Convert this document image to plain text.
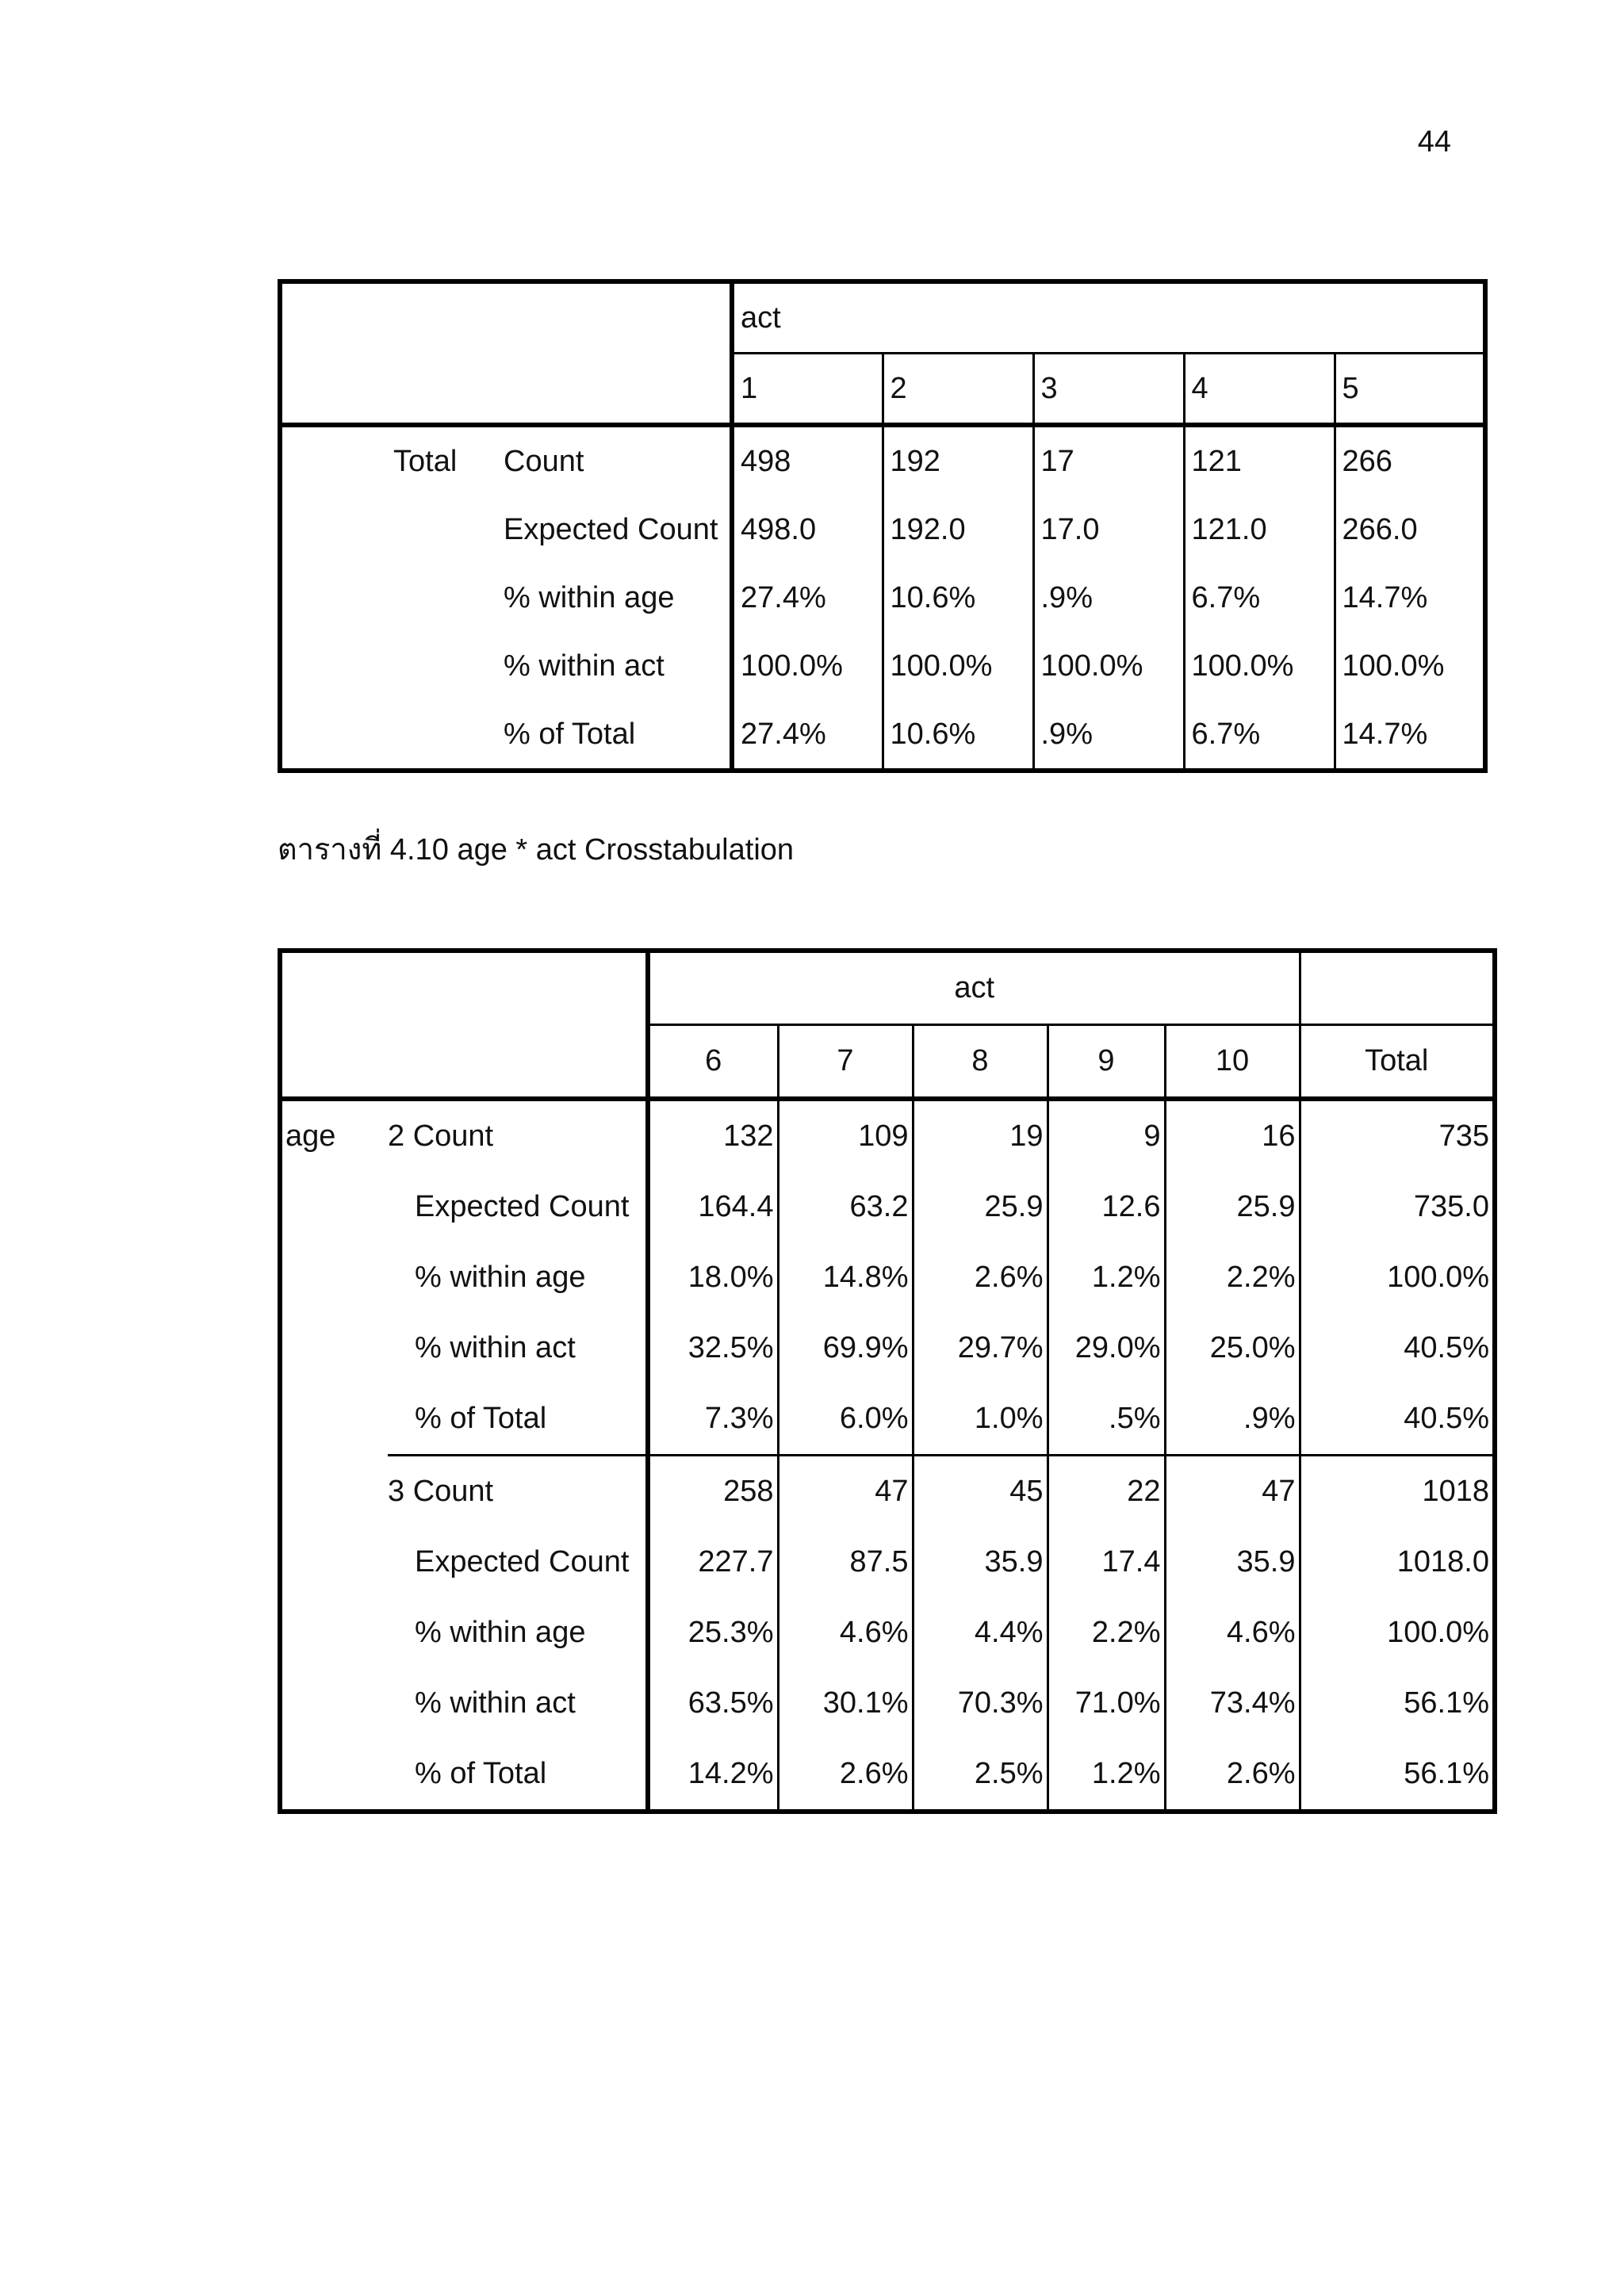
44
		act				
		1	2	3	4	5
Total	Count	498	192	17	121	266
	Expected Count	498.0	192.0	17.0	121.0	266.0
	% within age	27.4%	10.6%	.9%	6.7%	14.7%
	% within act	100.0%	100.0%	100.0%	100.0%	100.0%
	% of Total	27.4%	10.6%	.9%	6.7%	14.7%
ตารางที่ 4.10 age * act Crosstabulation
		act					
		6	7	8	9	10	Total
age	2 Count	132	109	19	9	16	735
	Expected Count	164.4	63.2	25.9	12.6	25.9	735.0
	% within age	18.0%	14.8%	2.6%	1.2%	2.2%	100.0%
	% within act	32.5%	69.9%	29.7%	29.0%	25.0%	40.5%
	% of Total	7.3%	6.0%	1.0%	.5%	.9%	40.5%
	3 Count	258	47	45	22	47	1018
	Expected Count	227.7	87.5	35.9	17.4	35.9	1018.0
	% within age	25.3%	4.6%	4.4%	2.2%	4.6%	100.0%
	% within act	63.5%	30.1%	70.3%	71.0%	73.4%	56.1%
	% of Total	14.2%	2.6%	2.5%	1.2%	2.6%	56.1%
